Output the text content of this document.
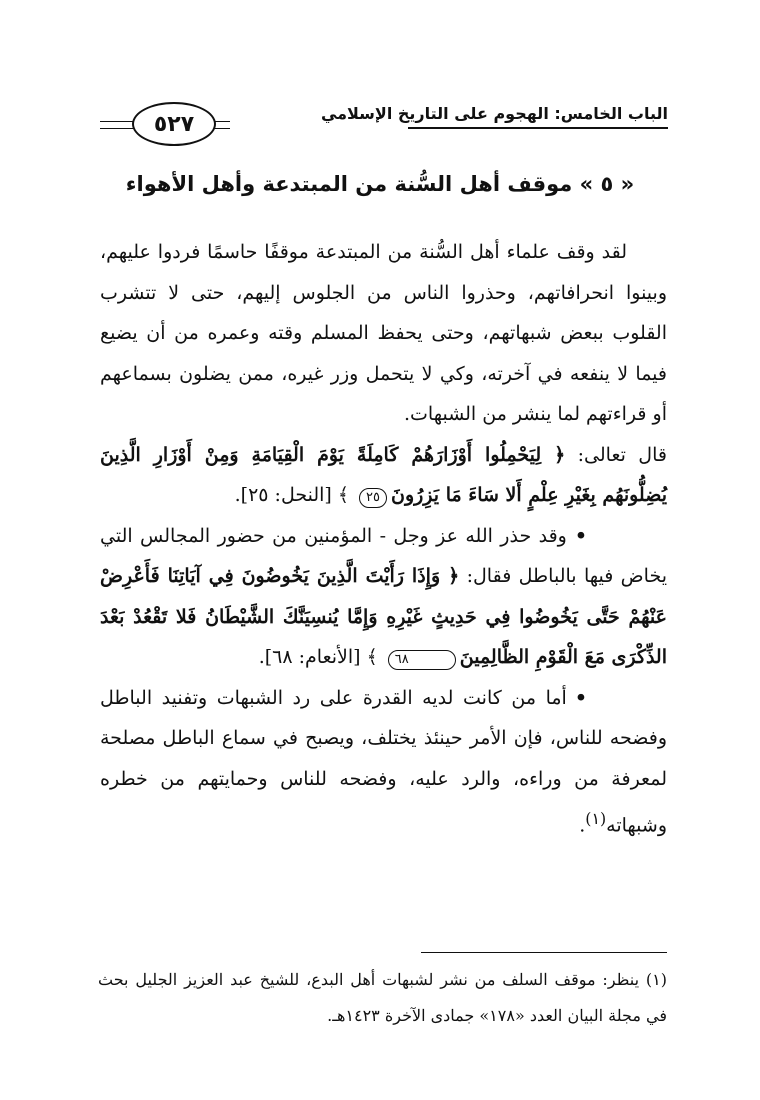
الباب الخامس: الهجوم على التاريخ الإسلامي
٥٢٧
« ٥ » موقف أهل السُّنة من المبتدعة وأهل الأهواء

لقد وقف علماء أهل السُّنة من المبتدعة موقفًا حاسمًا فردوا عليهم، وبينوا انحرافاتهم، وحذروا الناس من الجلوس إليهم، حتى لا تتشرب القلوب ببعض شبهاتهم، وحتى يحفظ المسلم وقته وعمره من أن يضيع فيما لا ينفعه في آخرته، وكي لا يتحمل وزر غيره، ممن يضلون بسماعهم أو قراءتهم لما ينشر من الشبهات.

قال تعالى: ﴿ لِيَحْمِلُوا أَوْزَارَهُمْ كَامِلَةً يَوْمَ الْقِيَامَةِ وَمِنْ أَوْزَارِ الَّذِينَ يُضِلُّونَهُم بِغَيْرِ عِلْمٍ أَلا سَاءَ مَا يَزِرُونَ٢٥ ﴾ [النحل: ٢٥].

•وقد حذر الله عز وجل - المؤمنين من حضور المجالس التي يخاض فيها بالباطل فقال: ﴿ وَإِذَا رَأَيْتَ الَّذِينَ يَخُوضُونَ فِي آيَاتِنَا فَأَعْرِضْ عَنْهُمْ حَتَّى يَخُوضُوا فِي حَدِيثٍ غَيْرِهِ وَإِمَّا يُنسِيَنَّكَ الشَّيْطَانُ فَلا تَقْعُدْ بَعْدَ الذِّكْرَى مَعَ الْقَوْمِ الظَّالِمِينَ٦٨ ﴾ [الأنعام: ٦٨].

•أما من كانت لديه القدرة على رد الشبهات وتفنيد الباطل وفضحه للناس، فإن الأمر حينئذ يختلف، ويصبح في سماع الباطل مصلحة لمعرفة من وراءه، والرد عليه، وفضحه للناس وحمايتهم من خطره وشبهاته$^{(١)}$.

(١) ينظر: موقف السلف من نشر لشبهات أهل البدع، للشيخ عبد العزيز الجليل بحث في مجلة البيان العدد «١٧٨» جمادى الآخرة ١٤٢٣هـ.
